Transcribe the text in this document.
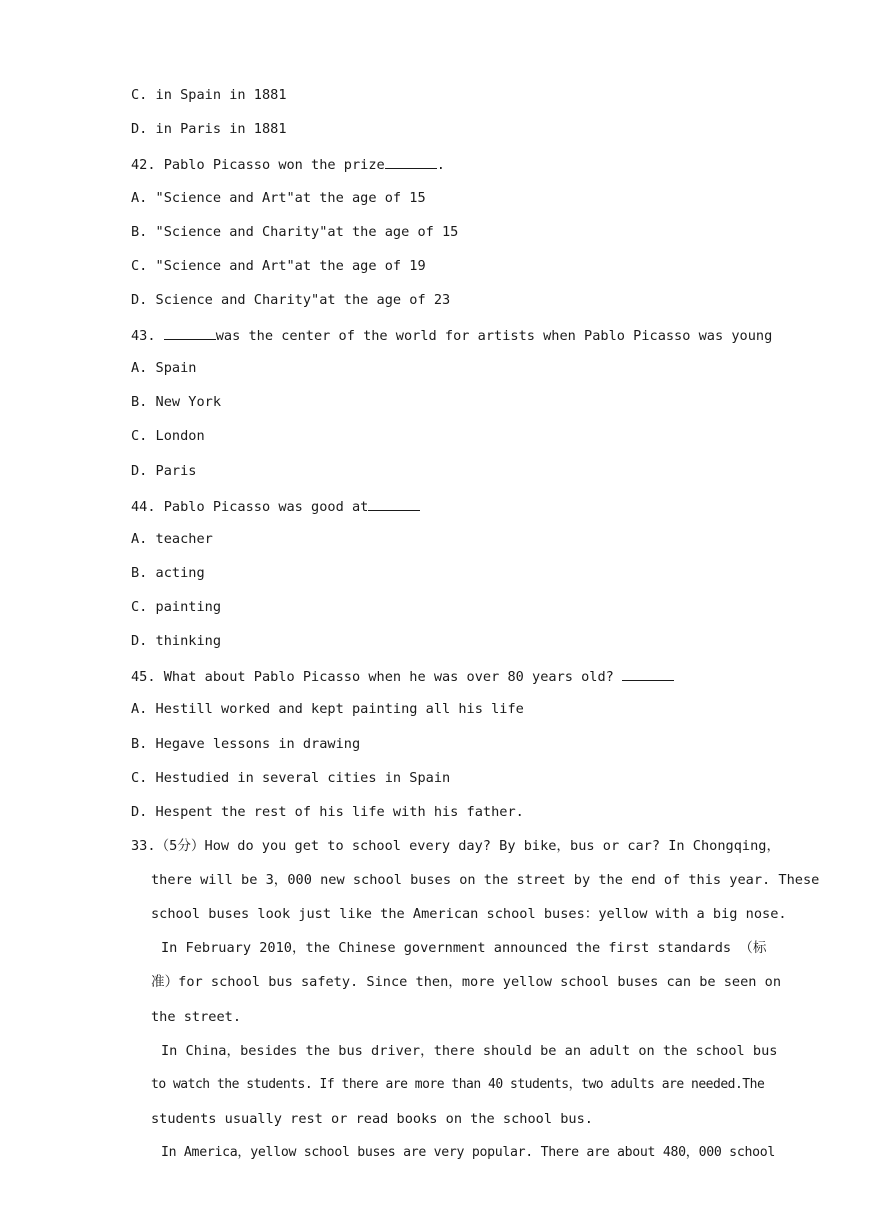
C. in Spain in 1881
D. in Paris in 1881
42. Pablo Picasso won the prize	.
A. "Science and Art"at the age of 15
B. "Science and Charity"at the age of 15
C. "Science and Art"at the age of 19
D. Science and Charity"at the age of 23
43.	was the center of the world for artists when Pablo Picasso was young
A. Spain
B. New York
C. London
D. Paris
44. Pablo Picasso was good at
A. teacher
B. acting
C. painting
D. thinking
45. What about Pablo Picasso when he was over 80 years old?
A. Hestill worked and kept painting all his life
B. Hegave lessons in drawing
C. Hestudied in several cities in Spain
D. Hespent the rest of his life with his father.
33.（5分）How do you get to school every day? By bike，bus or car? In Chongqing，
there will be 3，000 new school buses on the street by the end of this year. These
school buses look just like the American school buses：yellow with a big nose.
In February 2010，the Chinese government announced the first standards （标
准）for school bus safety. Since then，more yellow school buses can be seen on
the street.
In China，besides the bus driver，there should be an adult on the school bus
to watch the students. If there are more than 40 students，two adults are needed.The
students usually rest or read books on the school bus.
In America，yellow school buses are very popular. There are about 480，000 school
